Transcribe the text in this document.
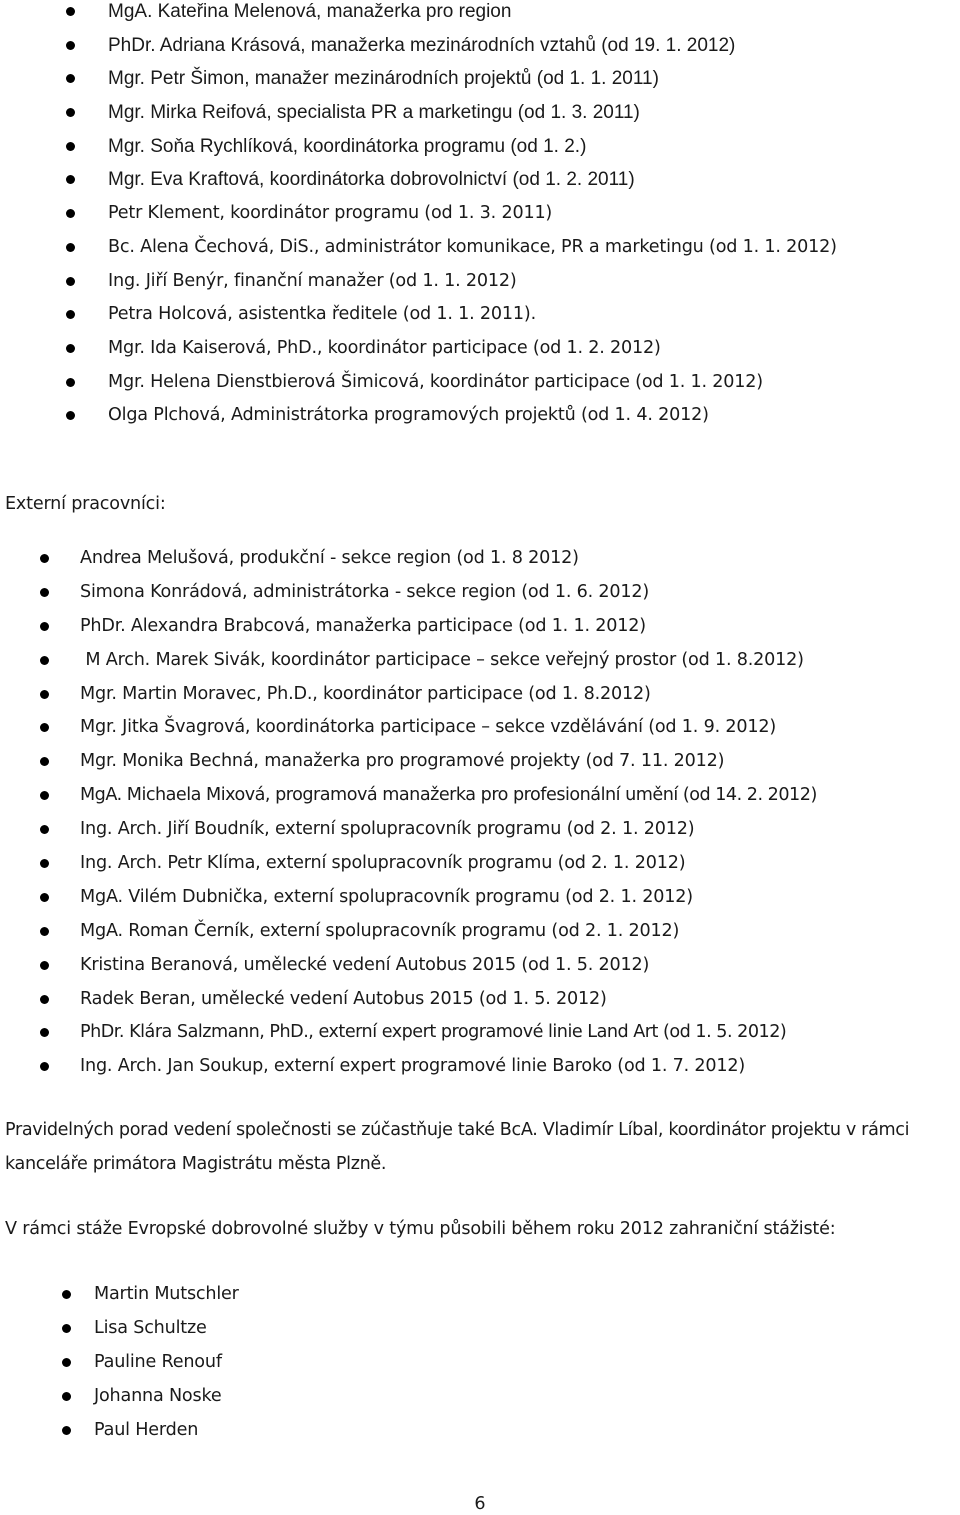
MgA. Kateřina Melenová, manažerka pro region
PhDr. Adriana Krásová, manažerka mezinárodních vztahů (od 19. 1. 2012)
Mgr. Petr Šimon, manažer mezinárodních projektů (od 1. 1. 2011)
Mgr. Mirka Reifová, specialista PR a marketingu (od 1. 3. 2011)
Mgr. Soňa Rychlíková, koordinátorka programu (od 1. 2.)
Mgr. Eva Kraftová, koordinátorka dobrovolnictví (od 1. 2. 2011)
Petr Klement, koordinátor programu (od 1. 3. 2011)
Bc. Alena Čechová, DiS., administrátor komunikace, PR a marketingu (od 1. 1. 2012)
Ing. Jiří Benýr, finanční manažer (od 1. 1. 2012)
Petra Holcová, asistentka ředitele (od 1. 1. 2011).
Mgr. Ida Kaiserová, PhD., koordinátor participace (od 1. 2. 2012)
Mgr. Helena Dienstbierová Šimicová, koordinátor participace (od 1. 1. 2012)
Olga Plchová, Administrátorka programových projektů (od 1. 4. 2012)
Externí pracovníci:
Andrea Melušová, produkční - sekce region (od 1. 8 2012)
Simona Konrádová, administrátorka - sekce region (od 1. 6. 2012)
PhDr. Alexandra Brabcová, manažerka participace (od 1. 1. 2012)
M Arch. Marek Sivák, koordinátor participace – sekce veřejný prostor (od 1. 8.2012)
Mgr. Martin Moravec, Ph.D., koordinátor participace (od 1. 8.2012)
Mgr. Jitka Švagrová, koordinátorka participace – sekce vzdělávání (od 1. 9. 2012)
Mgr. Monika Bechná, manažerka pro programové projekty (od 7. 11. 2012)
MgA. Michaela Mixová, programová manažerka pro profesionální umění (od 14. 2. 2012)
Ing. Arch. Jiří Boudník, externí spolupracovník programu (od 2. 1. 2012)
Ing. Arch. Petr Klíma, externí spolupracovník programu (od 2. 1. 2012)
MgA. Vilém Dubnička, externí spolupracovník programu (od 2. 1. 2012)
MgA. Roman Černík, externí spolupracovník programu (od 2. 1. 2012)
Kristina Beranová, umělecké vedení Autobus 2015 (od 1. 5. 2012)
Radek Beran, umělecké vedení Autobus 2015 (od 1. 5. 2012)
PhDr. Klára Salzmann, PhD., externí expert programové linie Land Art (od 1. 5. 2012)
Ing. Arch. Jan Soukup, externí expert programové linie Baroko (od 1. 7. 2012)
Pravidelných porad vedení společnosti se zúčastňuje také BcA. Vladimír Líbal, koordinátor projektu v rámci kanceláře primátora Magistrátu města Plzně.
V rámci stáže Evropské dobrovolné služby v týmu působili během roku 2012 zahraniční stážisté:
Martin Mutschler
Lisa Schultze
Pauline Renouf
Johanna Noske
Paul Herden
6
